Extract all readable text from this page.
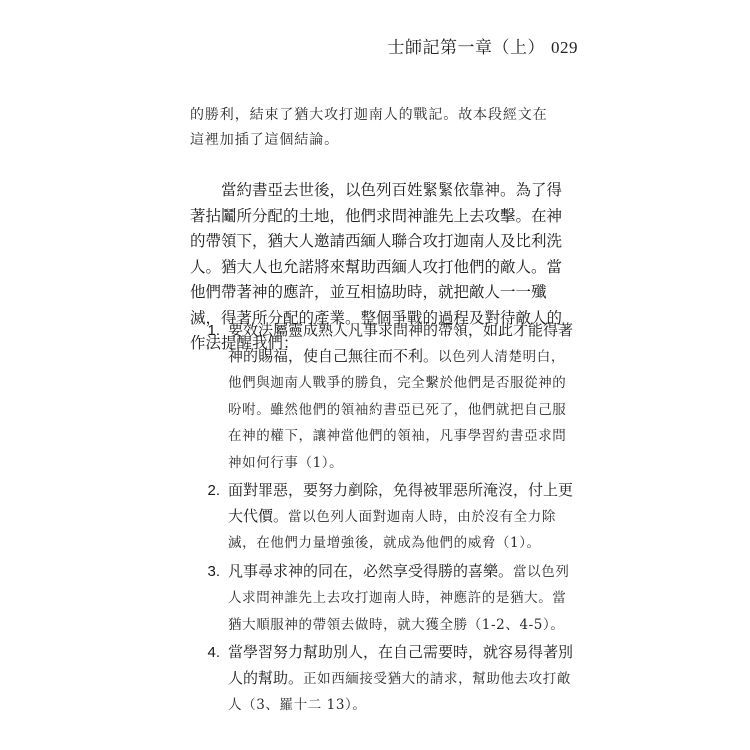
士師記第一章（上） 029
的勝利，結束了猶大攻打迦南人的戰記。故本段經文在這裡加插了這個結論。
當約書亞去世後，以色列百姓緊緊依靠神。為了得著拈鬮所分配的土地，他們求問神誰先上去攻擊。在神的帶領下，猶大人邀請西緬人聯合攻打迦南人及比利洗人。猶大人也允諾將來幫助西緬人攻打他們的敵人。當他們帶著神的應許，並互相協助時，就把敵人一一殲滅，得著所分配的產業。整個爭戰的過程及對待敵人的作法提醒我們：
1. 要效法屬靈成熟人凡事求問神的帶領，如此才能得著神的賜福，使自己無往而不利。以色列人清楚明白，他們與迦南人戰爭的勝負，完全繫於他們是否服從神的吩咐。雖然他們的領袖約書亞已死了，他們就把自己服在神的權下，讓神當他們的領袖，凡事學習約書亞求問神如何行事（1）。
2. 面對罪惡，要努力剷除，免得被罪惡所淹沒，付上更大代價。當以色列人面對迦南人時，由於沒有全力除滅，在他們力量增強後，就成為他們的威脅（1）。
3. 凡事尋求神的同在，必然享受得勝的喜樂。當以色列人求問神誰先上去攻打迦南人時，神應許的是猶大。當猶大順服神的帶領去做時，就大獲全勝（1-2、4-5）。
4. 當學習努力幫助別人，在自己需要時，就容易得著別人的幫助。正如西緬接受猶大的請求，幫助他去攻打敵人（3、羅十二 13）。
